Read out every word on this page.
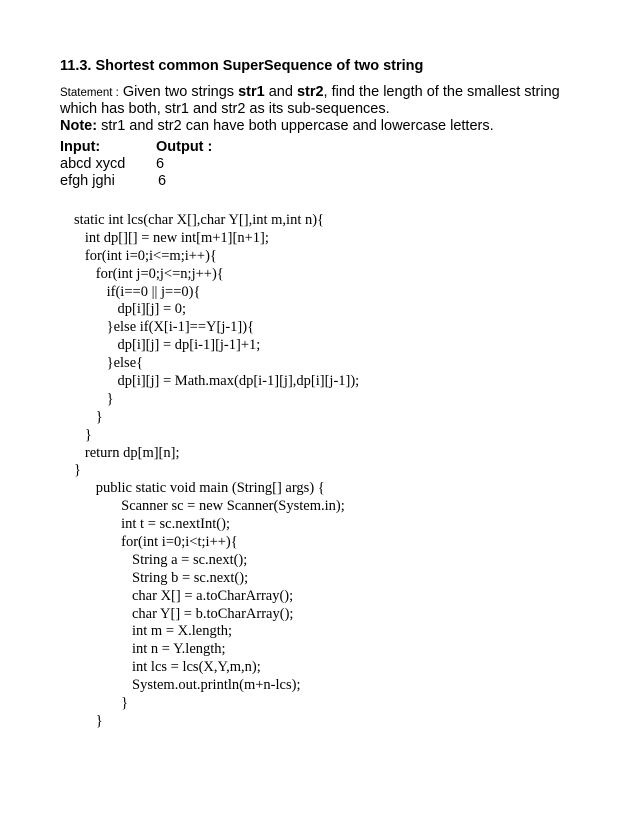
11.3. Shortest common SuperSequence of two string
Statement : Given two strings str1 and str2, find the length of the smallest string
which has both, str1 and str2 as its sub-sequences.
Note: str1 and str2 can have both uppercase and lowercase letters.
Input:	Output :
abcd xycd 6
efgh jghi	6
static int lcs(char X[],char Y[],int m,int n){
int dp[][] = new int[m+1][n+1];
for(int i=0;i<=m;i++){
for(int j=0;j<=n;j++){
if(i==0 || j==0){
dp[i][j] = 0;
}else if(X[i-1]==Y[j-1]){
dp[i][j] = dp[i-1][j-1]+1;
}else{
dp[i][j] = Math.max(dp[i-1][j],dp[i][j-1]);
}
}
}
return dp[m][n];
}
public static void main (String[] args) {
Scanner sc = new Scanner(System.in);
int t = sc.nextInt();
for(int i=0;i<t;i++){
String a = sc.next();
String b = sc.next();
char X[] = a.toCharArray();
char Y[] = b.toCharArray();
int m = X.length;
int n = Y.length;
int lcs = lcs(X,Y,m,n);
System.out.println(m+n-lcs);
}
}
